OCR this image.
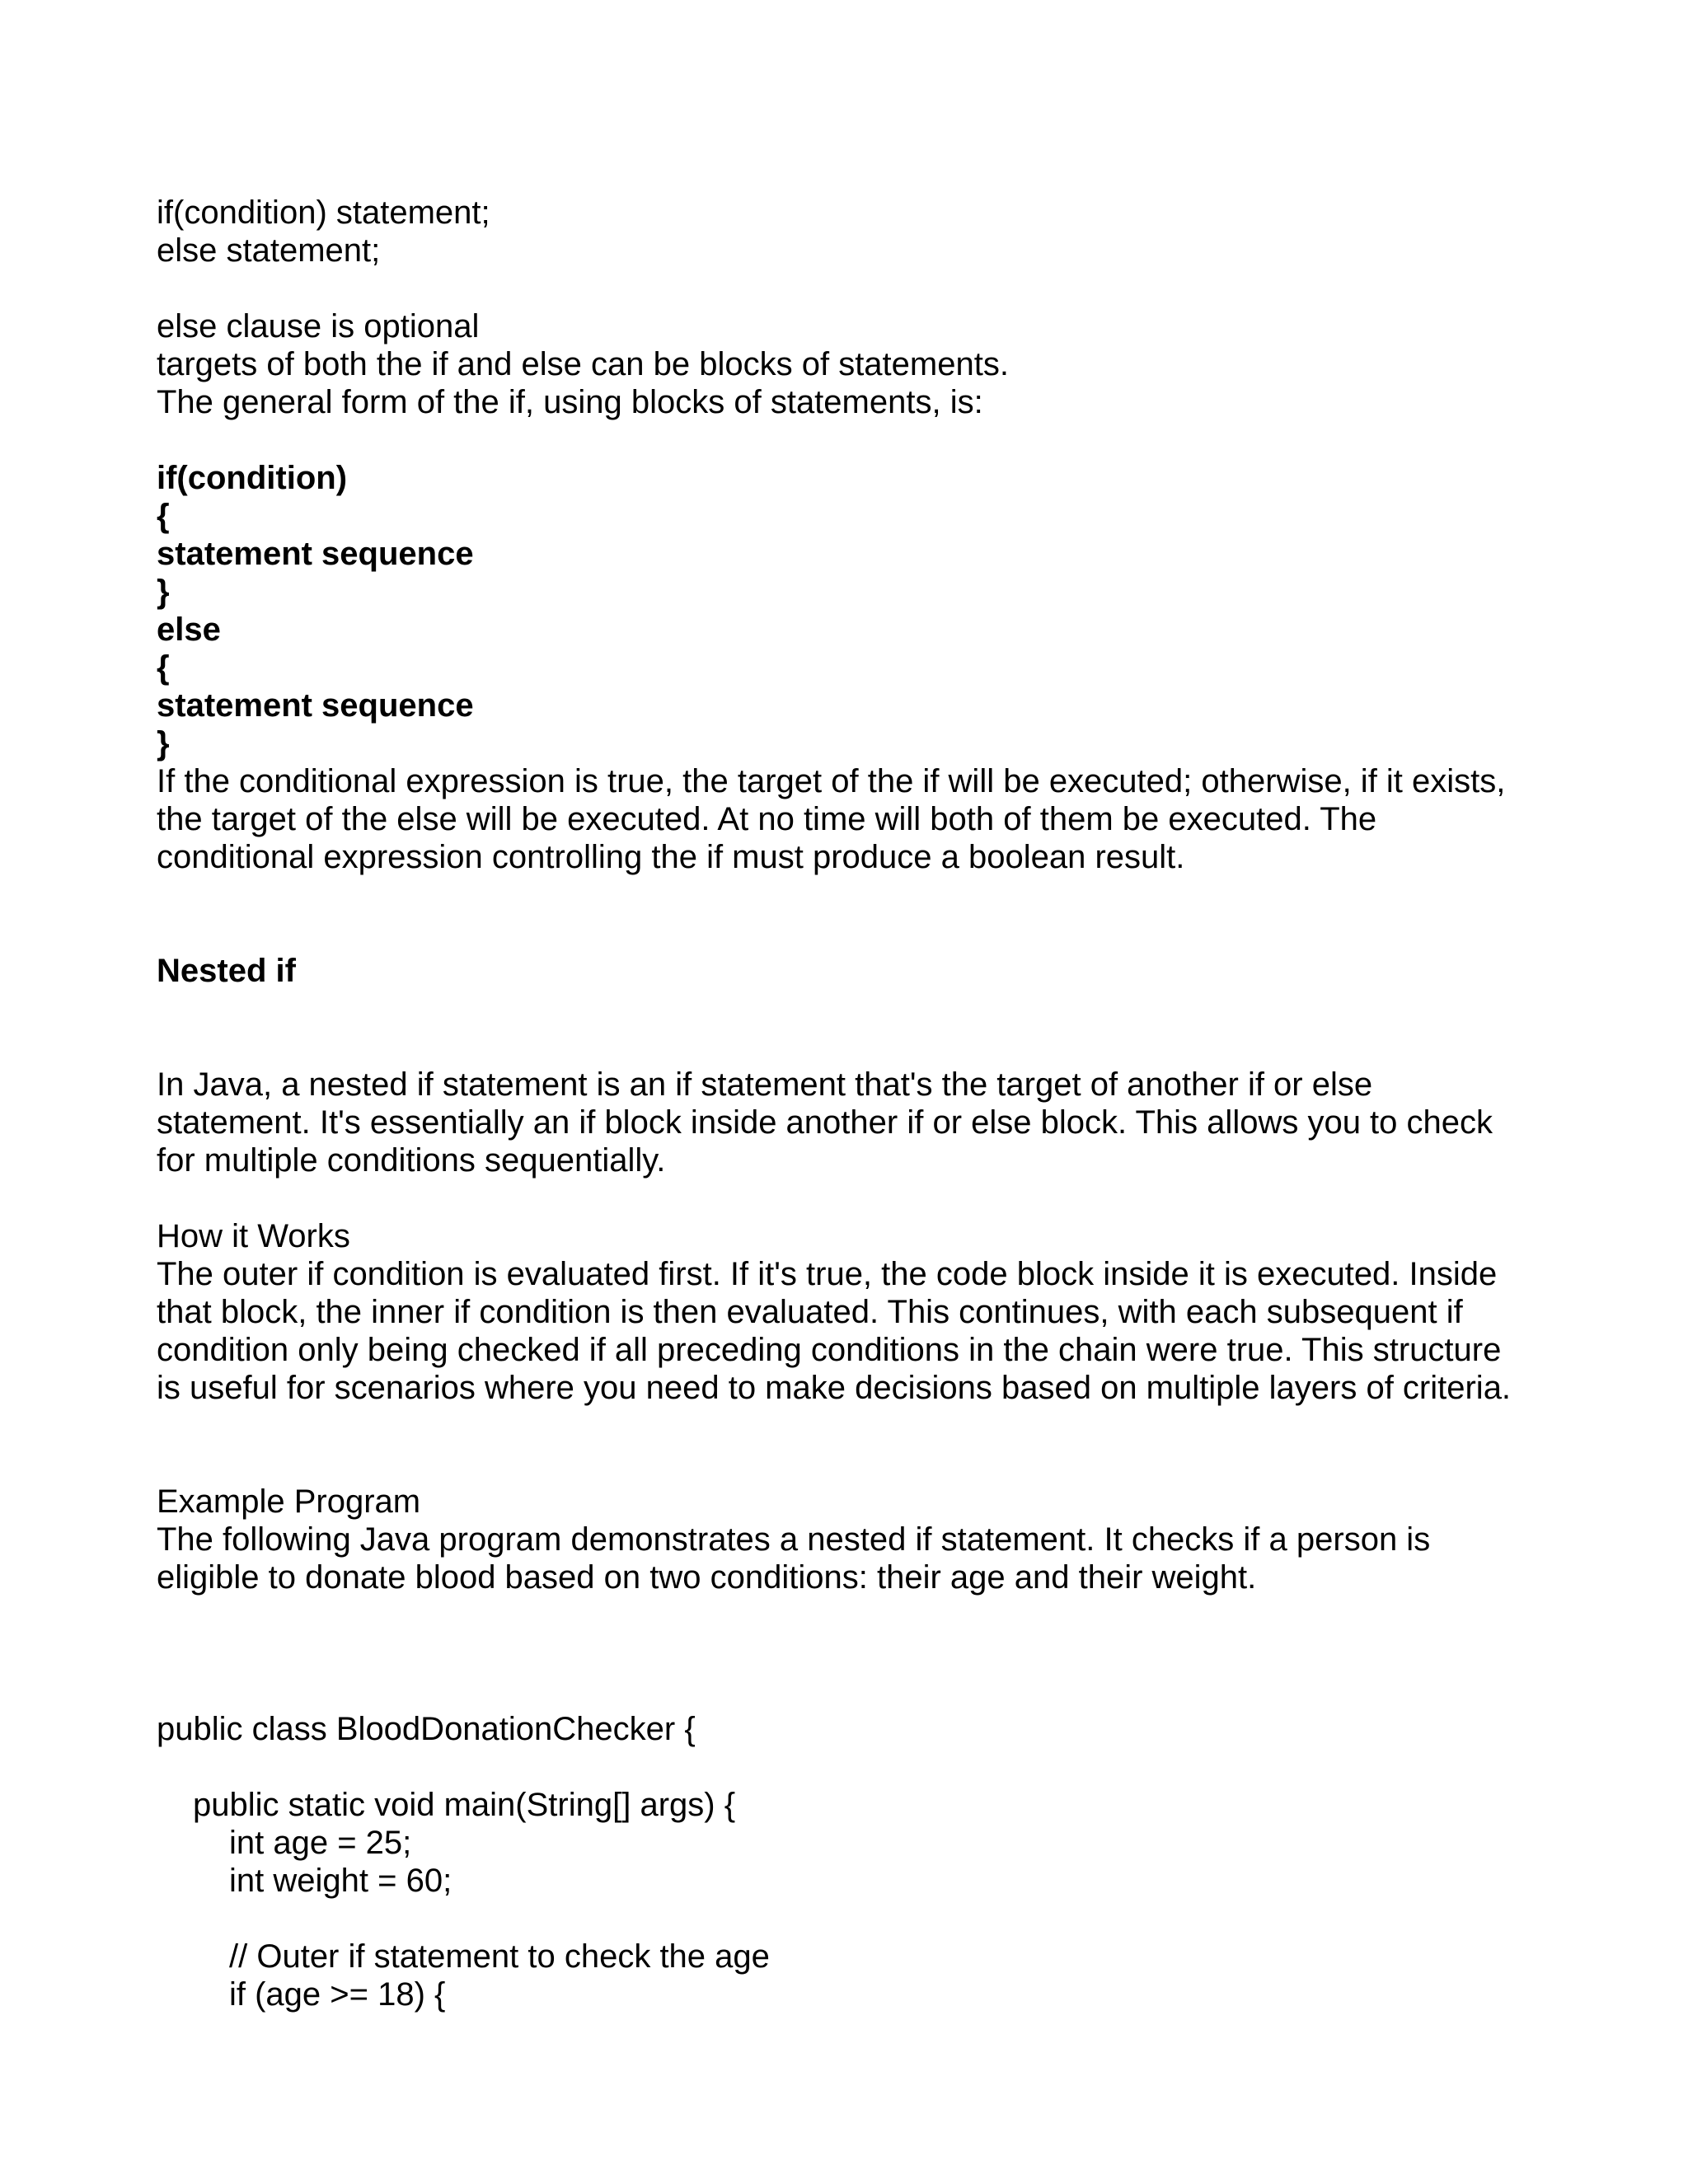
if(condition) statement;
else statement;
else clause is optional
targets of both the if and else can be blocks of statements.
The general form of the if, using blocks of statements, is:
if(condition)
{
statement sequence
}
else
{
statement sequence
}
If the conditional expression is true, the target of the if will be executed; otherwise, if it exists,
the target of the else will be executed. At no time will both of them be executed. The
conditional expression controlling the if must produce a boolean result.
Nested if
In Java, a nested if statement is an if statement that's the target of another if or else
statement. It's essentially an if block inside another if or else block. This allows you to check
for multiple conditions sequentially.
How it Works
The outer if condition is evaluated first. If it's true, the code block inside it is executed. Inside
that block, the inner if condition is then evaluated. This continues, with each subsequent if
condition only being checked if all preceding conditions in the chain were true. This structure
is useful for scenarios where you need to make decisions based on multiple layers of criteria.
Example Program
The following Java program demonstrates a nested if statement. It checks if a person is
eligible to donate blood based on two conditions: their age and their weight.
public class BloodDonationChecker {
public static void main(String[] args) {
int age = 25;
int weight = 60;
// Outer if statement to check the age
if (age >= 18) {
